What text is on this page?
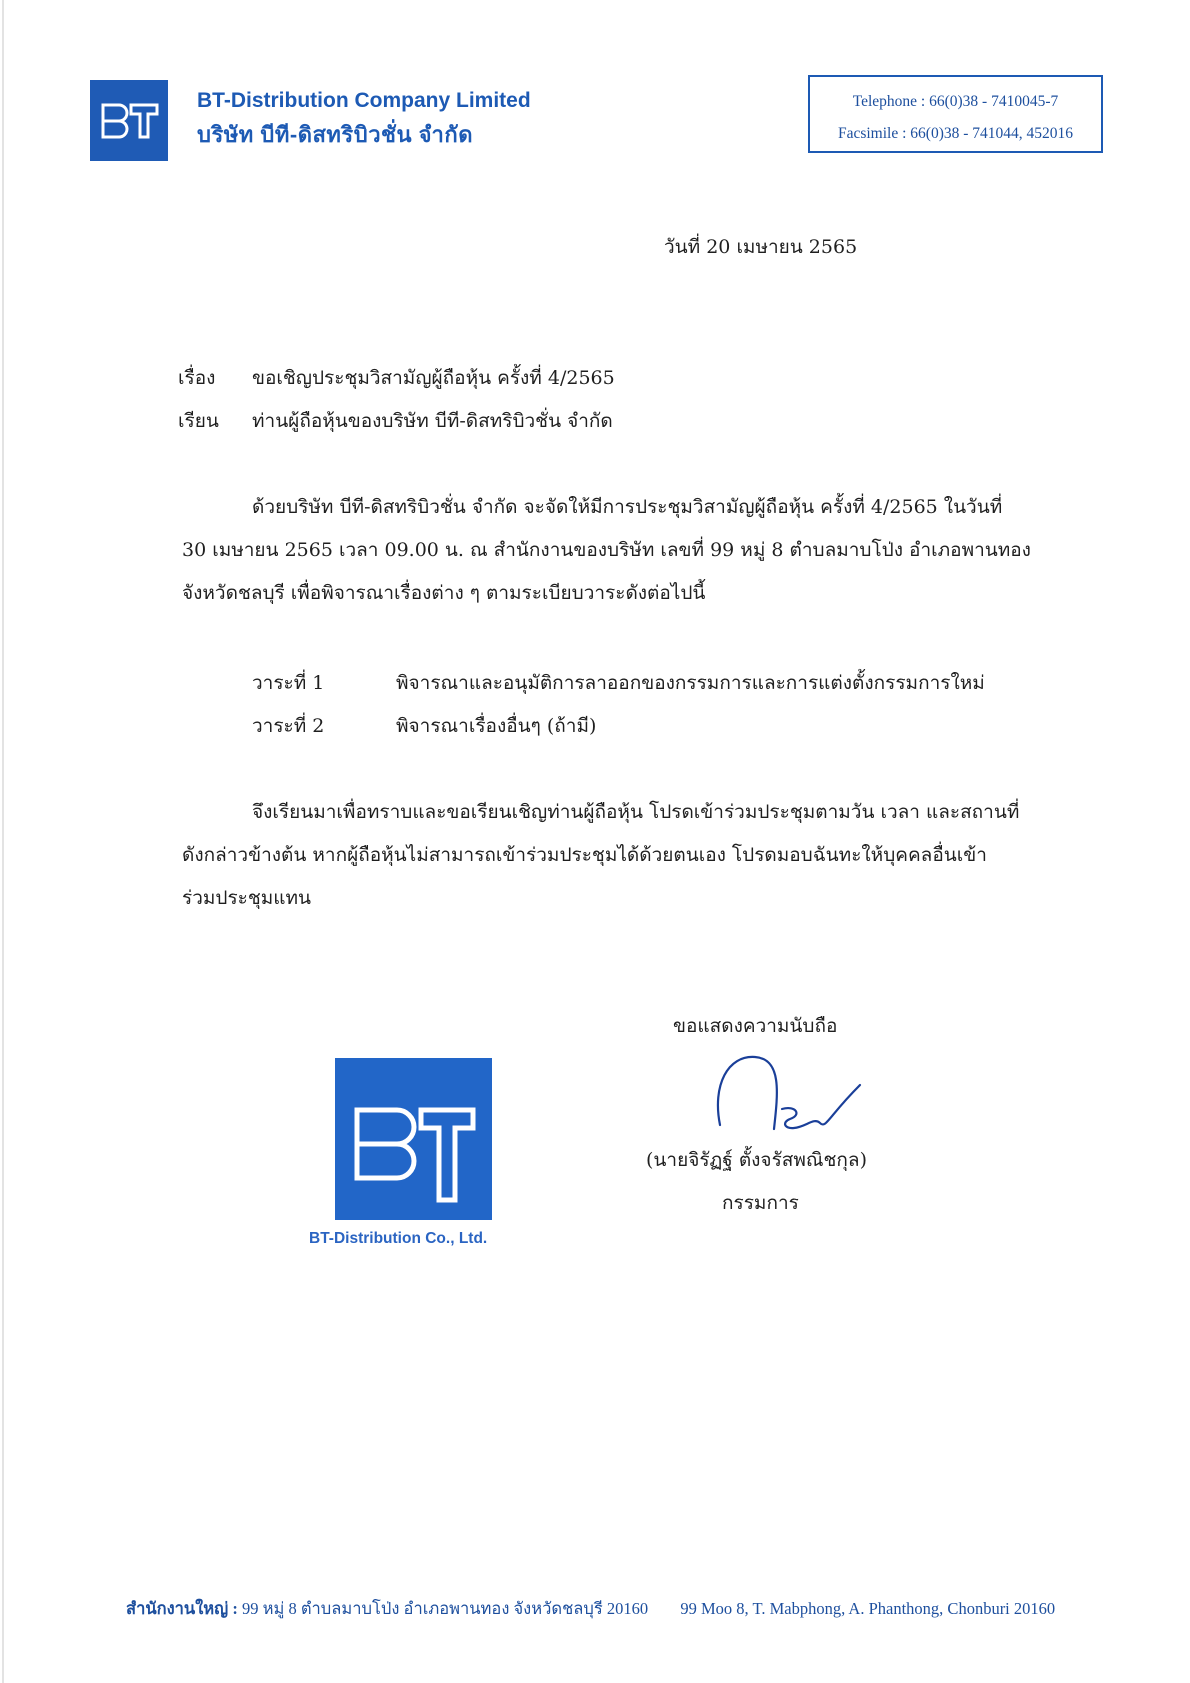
BT-Distribution Company Limited
บริษัท บีที-ดิสทริบิวชั่น จำกัด
Telephone : 66(0)38 - 7410045-7
Facsimile : 66(0)38 - 741044, 452016
วันที่ 20 เมษายน 2565
เรื่อง ขอเชิญประชุมวิสามัญผู้ถือหุ้น ครั้งที่ 4/2565
เรียน ท่านผู้ถือหุ้นของบริษัท บีที-ดิสทริบิวชั่น จำกัด
ด้วยบริษัท บีที-ดิสทริบิวชั่น จำกัด จะจัดให้มีการประชุมวิสามัญผู้ถือหุ้น ครั้งที่ 4/2565 ในวันที่
30 เมษายน 2565 เวลา 09.00 น. ณ สำนักงานของบริษัท เลขที่ 99 หมู่ 8 ตำบลมาบโป่ง อำเภอพานทอง
จังหวัดชลบุรี เพื่อพิจารณาเรื่องต่าง ๆ ตามระเบียบวาระดังต่อไปนี้
วาระที่ 1	พิจารณาและอนุมัติการลาออกของกรรมการและการแต่งตั้งกรรมการใหม่
วาระที่ 2	พิจารณาเรื่องอื่นๆ (ถ้ามี)
จึงเรียนมาเพื่อทราบและขอเรียนเชิญท่านผู้ถือหุ้น โปรดเข้าร่วมประชุมตามวัน เวลา และสถานที่
ดังกล่าวข้างต้น หากผู้ถือหุ้นไม่สามารถเข้าร่วมประชุมได้ด้วยตนเอง โปรดมอบฉันทะให้บุคคลอื่นเข้า
ร่วมประชุมแทน
ขอแสดงความนับถือ
(นายจิรัฏฐ์ ตั้งจรัสพณิชกุล)
กรรมการ
BT-Distribution Co., Ltd.
สำนักงานใหญ่ : 99 หมู่ 8 ตำบลมาบโป่ง อำเภอพานทอง จังหวัดชลบุรี 20160 99 Moo 8, T. Mabphong, A. Phanthong, Chonburi 20160
